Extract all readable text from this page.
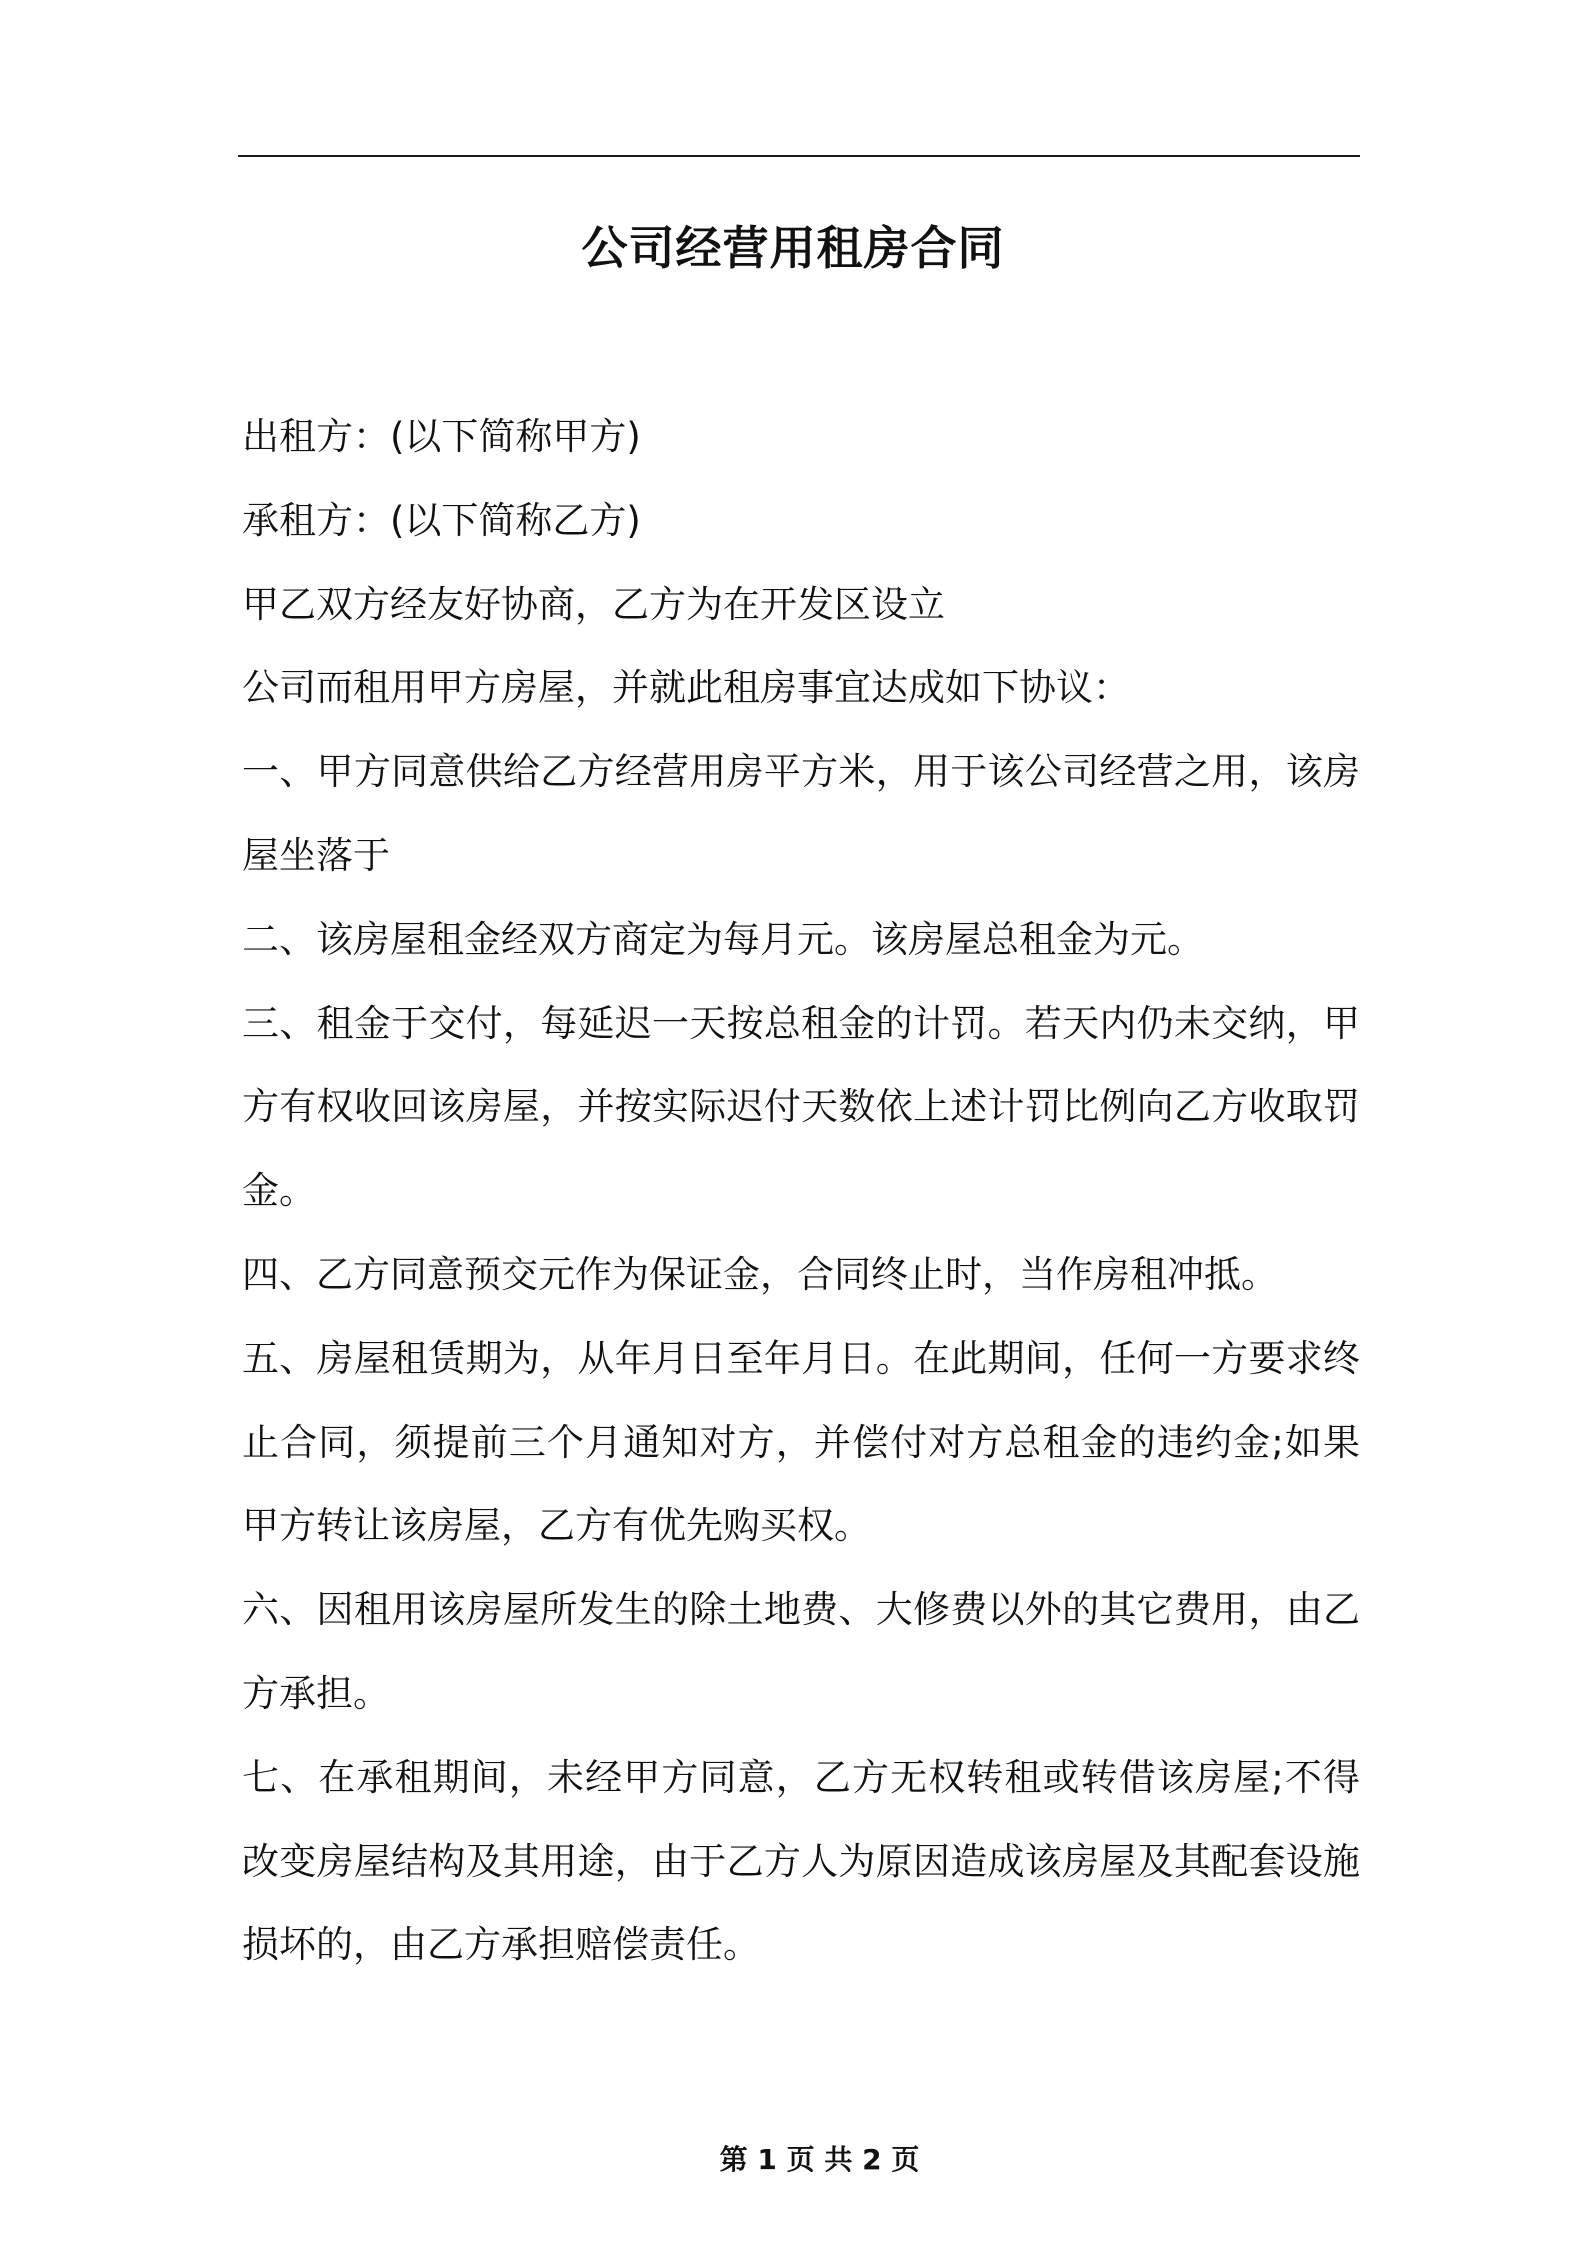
公司经营用租房合同
出租方：(以下简称甲方)
承租方：(以下简称乙方)
甲乙双方经友好协商，乙方为在开发区设立
公司而租用甲方房屋，并就此租房事宜达成如下协议：
一、甲方同意供给乙方经营用房平方米，用于该公司经营之用，该房
屋坐落于
二、该房屋租金经双方商定为每月元。该房屋总租金为元。
三、租金于交付，每延迟一天按总租金的计罚。若天内仍未交纳，甲
方有权收回该房屋，并按实际迟付天数依上述计罚比例向乙方收取罚
金。
四、乙方同意预交元作为保证金，合同终止时，当作房租冲抵。
五、房屋租赁期为，从年月日至年月日。在此期间，任何一方要求终
止合同，须提前三个月通知对方，并偿付对方总租金的违约金;如果
甲方转让该房屋，乙方有优先购买权。
六、因租用该房屋所发生的除土地费、大修费以外的其它费用，由乙
方承担。
七、在承租期间，未经甲方同意，乙方无权转租或转借该房屋;不得
改变房屋结构及其用途，由于乙方人为原因造成该房屋及其配套设施
损坏的，由乙方承担赔偿责任。

第 1 页 共 2 页
